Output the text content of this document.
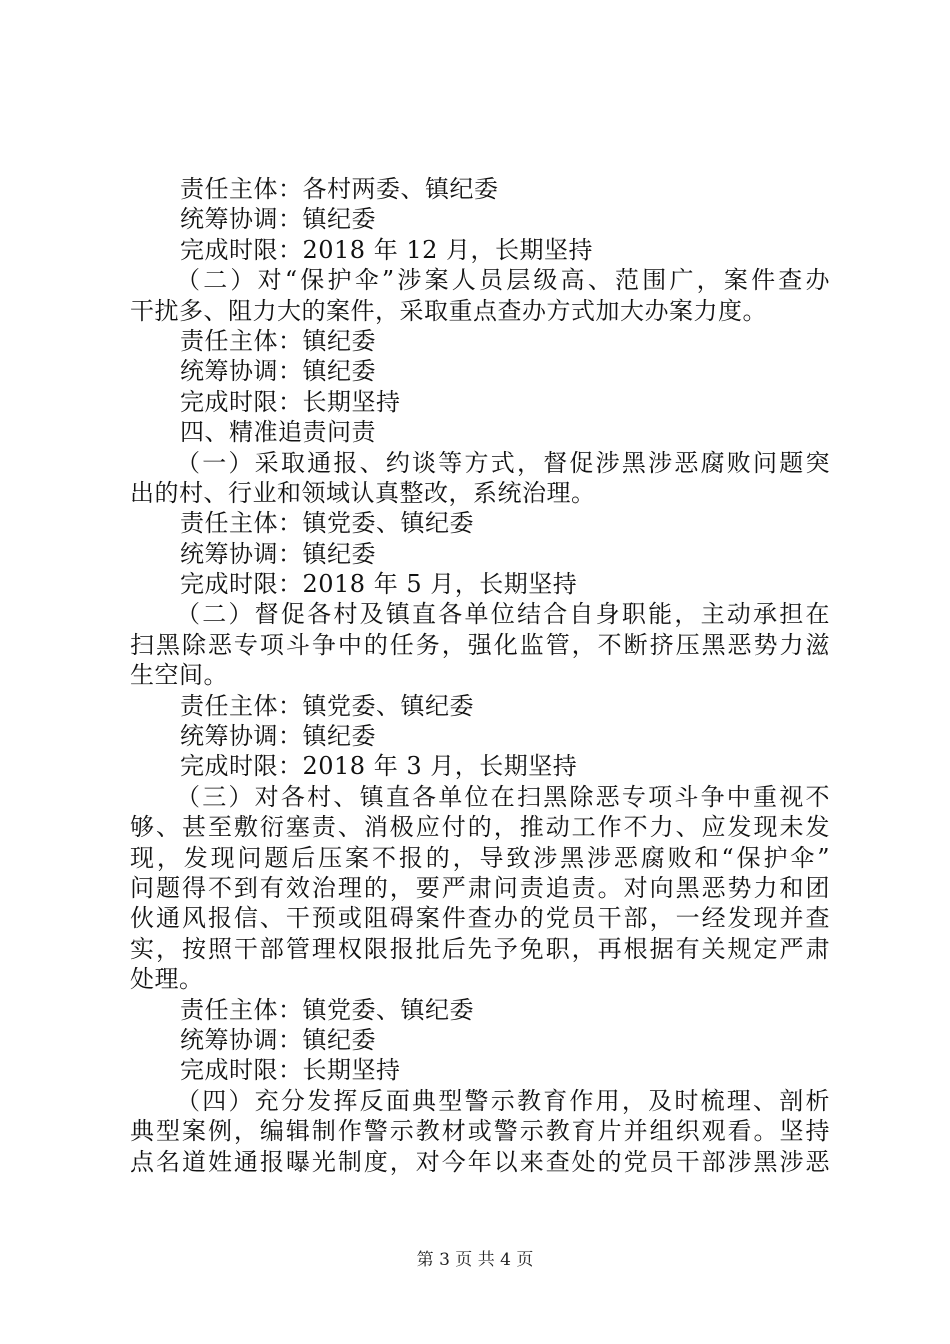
责任主体：各村两委、镇纪委
统筹协调：镇纪委
完成时限：2018 年 12 月，长期坚持
（二）对“保护伞”涉案人员层级高、范围广，案件查办
干扰多、阻力大的案件，采取重点查办方式加大办案力度。
责任主体：镇纪委
统筹协调：镇纪委
完成时限：长期坚持
四、精准追责问责
（一）采取通报、约谈等方式，督促涉黑涉恶腐败问题突
出的村、行业和领域认真整改，系统治理。
责任主体：镇党委、镇纪委
统筹协调：镇纪委
完成时限：2018 年 5 月，长期坚持
（二）督促各村及镇直各单位结合自身职能，主动承担在
扫黑除恶专项斗争中的任务，强化监管，不断挤压黑恶势力滋
生空间。
责任主体：镇党委、镇纪委
统筹协调：镇纪委
完成时限：2018 年 3 月，长期坚持
（三）对各村、镇直各单位在扫黑除恶专项斗争中重视不
够、甚至敷衍塞责、消极应付的，推动工作不力、应发现未发
现，发现问题后压案不报的，导致涉黑涉恶腐败和“保护伞”
问题得不到有效治理的，要严肃问责追责。对向黑恶势力和团
伙通风报信、干预或阻碍案件查办的党员干部，一经发现并查
实，按照干部管理权限报批后先予免职，再根据有关规定严肃
处理。
责任主体：镇党委、镇纪委
统筹协调：镇纪委
完成时限：长期坚持
（四）充分发挥反面典型警示教育作用，及时梳理、剖析
典型案例，编辑制作警示教材或警示教育片并组织观看。坚持
点名道姓通报曝光制度，对今年以来查处的党员干部涉黑涉恶
第 3 页 共 4 页
